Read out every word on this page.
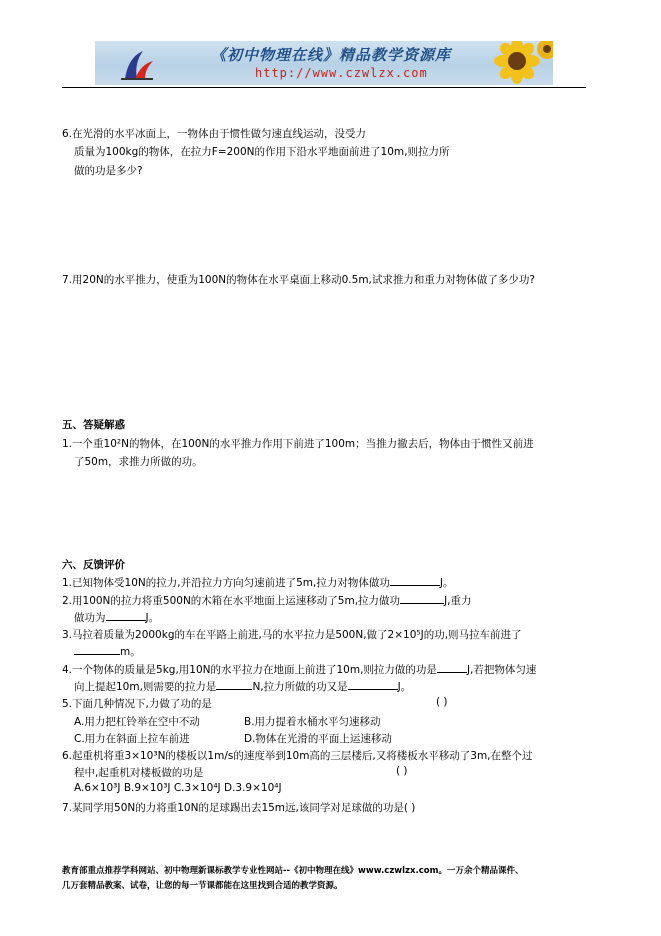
《初中物理在线》精品教学资源库
http://www.czwlzx.com
6.在光滑的水平冰面上，一物体由于惯性做匀速直线运动，没受力
质量为100kg的物体，在拉力F=200N的作用下沿水平地面前进了10m,则拉力所
做的功是多少?
7.用20N的水平推力，使重为100N的物体在水平桌面上移动0.5m,试求推力和重力对物体做了多少功?
五、答疑解惑
1.一个重10²N的物体，在100N的水平推力作用下前进了100m；当推力撤去后，物体由于惯性又前进
了50m，求推力所做的功。
六、反馈评价
1.已知物体受10N的拉力,并沿拉力方向匀速前进了5m,拉力对物体做功	J。
2.用100N的拉力将重500N的木箱在水平地面上运速移动了5m,拉力做功	J,重力
做功为	J。
3.马拉着质量为2000kg的车在平路上前进,马的水平拉力是500N,做了2×10⁵J的功,则马拉车前进了
m。
4.一个物体的质量是5kg,用10N的水平拉力在地面上前进了10m,则拉力做的功是	J,若把物体匀速
向上提起10m,则需要的拉力是	N,拉力所做的功又是	J。
5.下面几种情况下,力做了功的是	( )
A.用力把杠铃举在空中不动	B.用力提着水桶水平匀速移动
C.用力在斜面上拉车前进	D.物体在光滑的平面上运速移动
6.起重机将重3×10³N的楼板以1m/s的速度举到10m高的三层楼后,又将楼板水平移动了3m,在整个过
程中,起重机对楼板做的功是	( )
A.6×10³J B.9×10³J C.3×10⁴J D.3.9×10⁴J
7.某同学用50N的力将重10N的足球踢出去15m远,该同学对足球做的功是( )
教育部重点推荐学科网站、初中物理新课标教学专业性网站--《初中物理在线》www.czwlzx.com。一万余个精品课件、
几万套精品教案、试卷，让您的每一节课都能在这里找到合适的教学资源。
